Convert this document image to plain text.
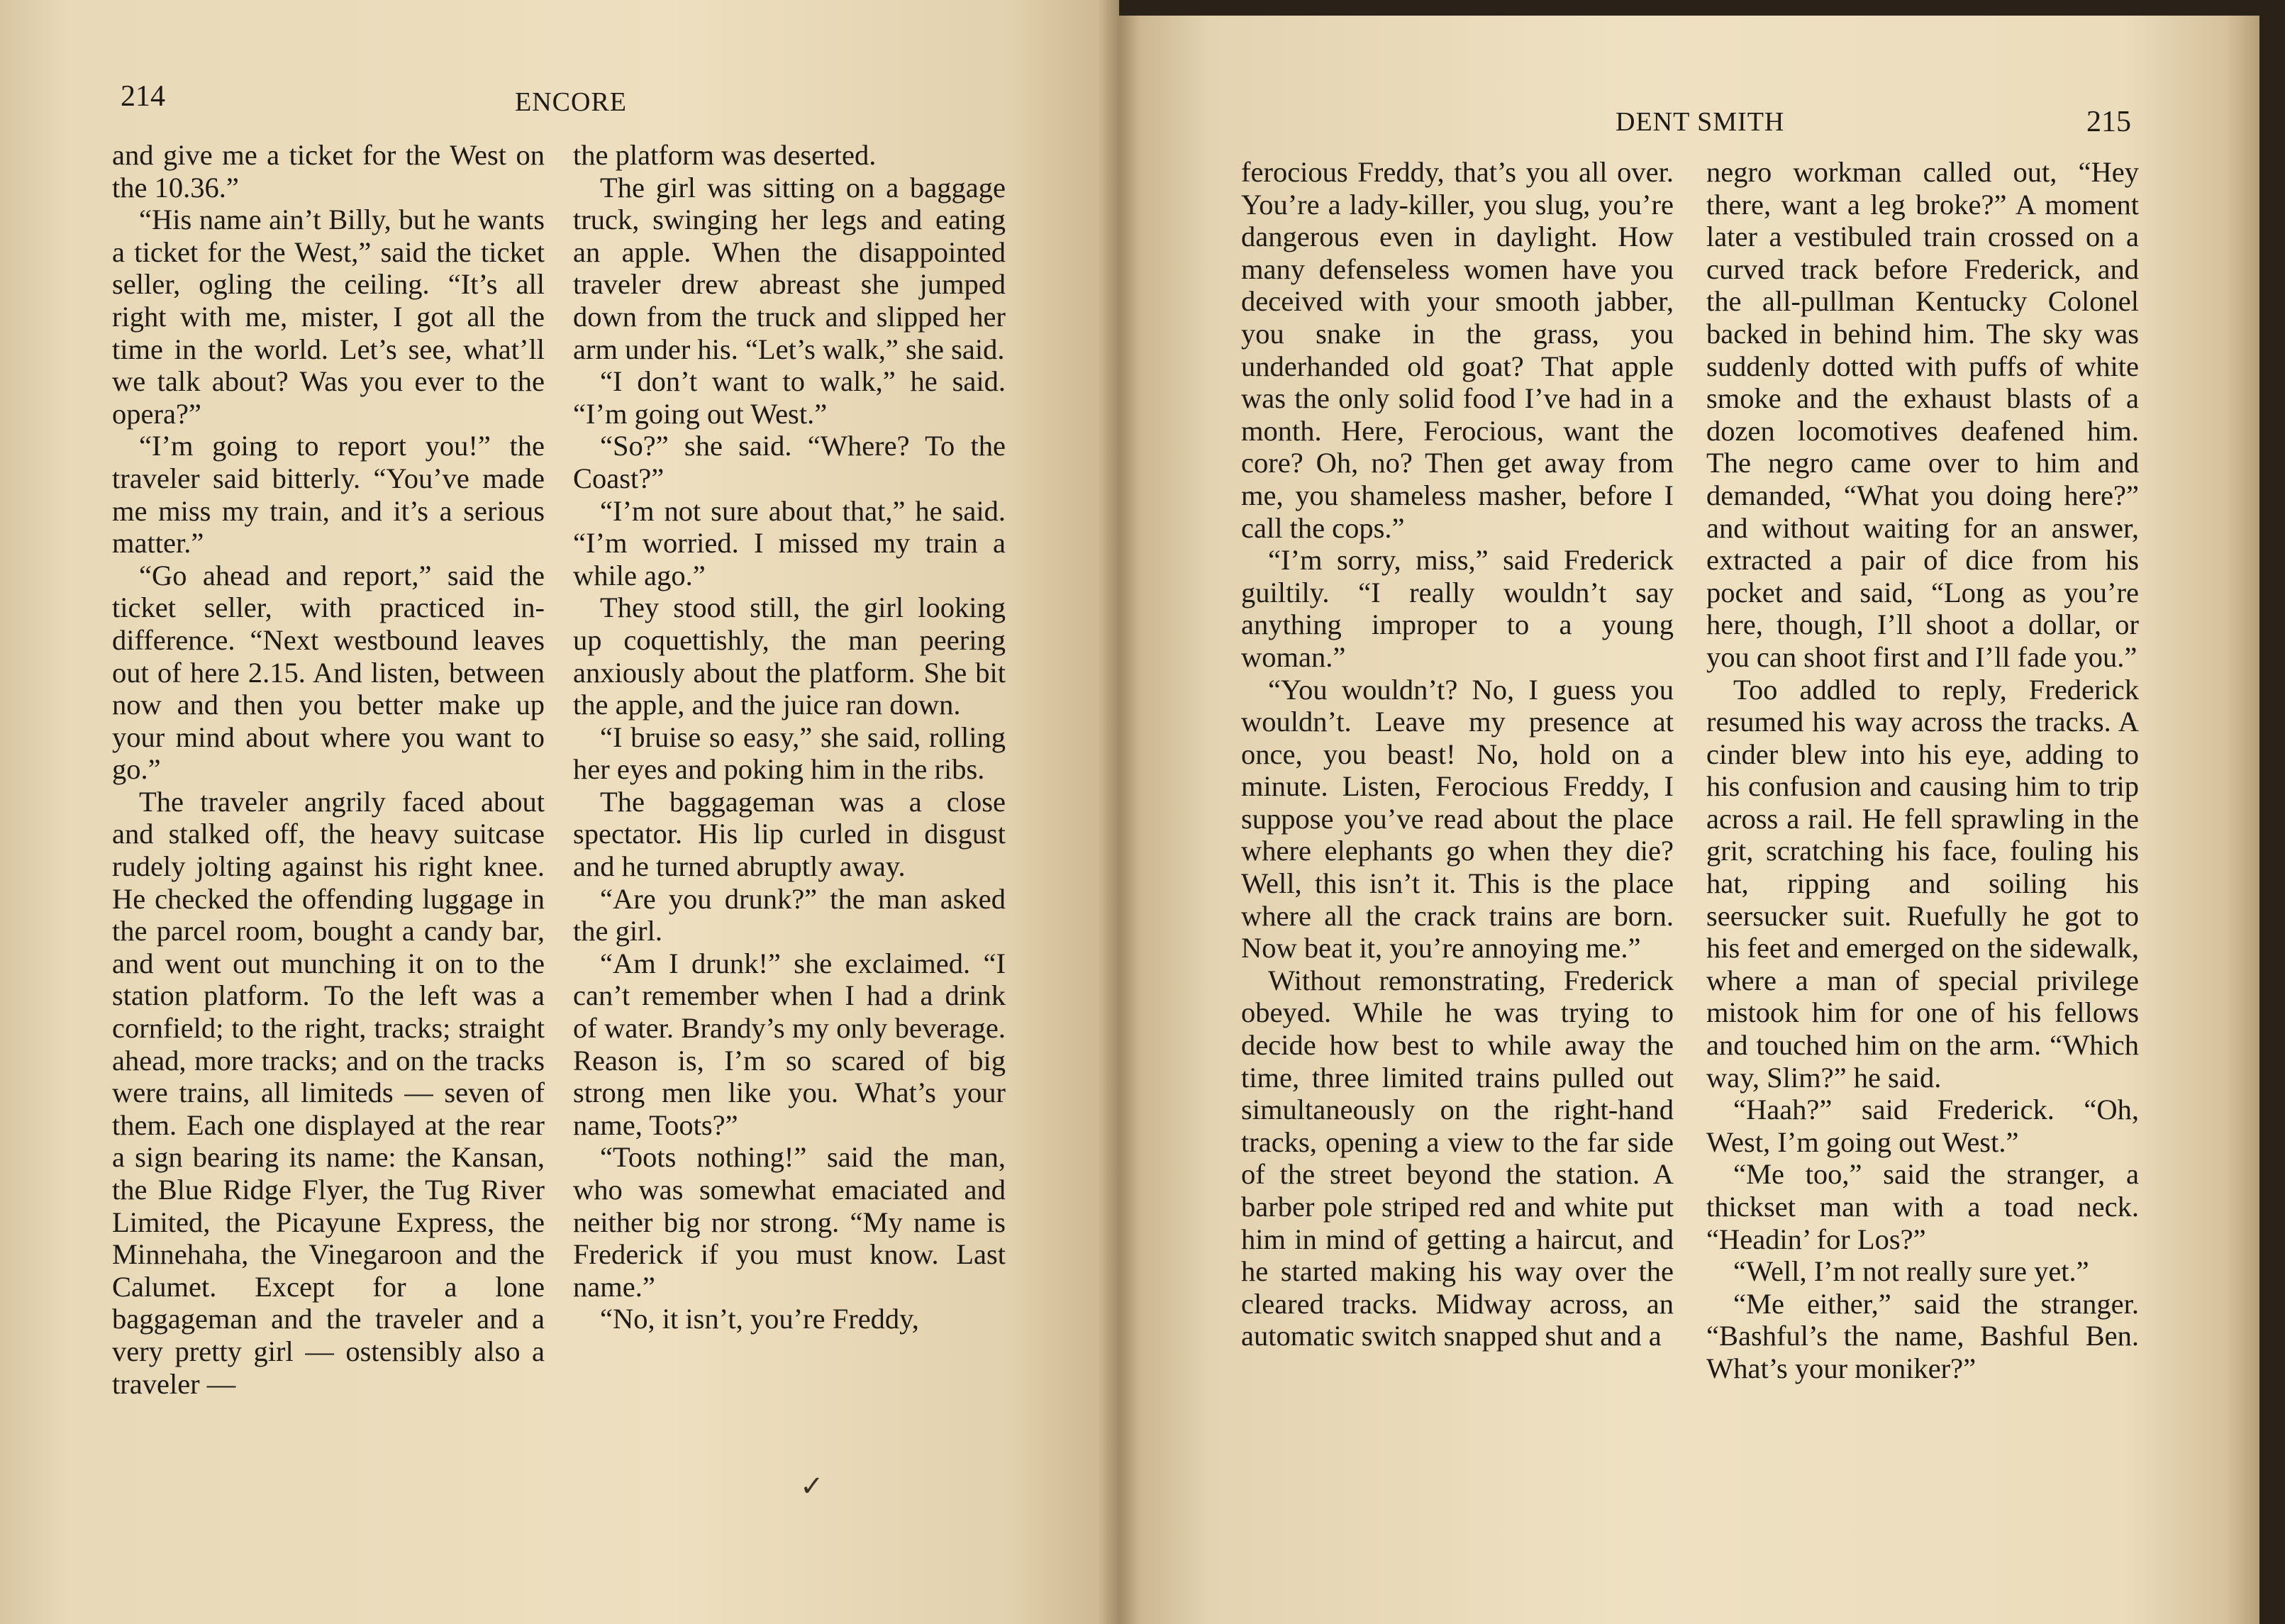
214	ENCORE

and give me a ticket for the West on the 10.36.”

“His name ain’t Billy, but he wants a ticket for the West,” said the ticket seller, ogling the ceiling. “It’s all right with me, mister, I got all the time in the world. Let’s see, what’ll we talk about? Was you ever to the opera?”

“I’m going to report you!” the traveler said bitterly. “You’ve made me miss my train, and it’s a serious matter.”

“Go ahead and report,” said the ticket seller, with practiced indifference. “Next westbound leaves out of here 2.15. And listen, between now and then you better make up your mind about where you want to go.”

The traveler angrily faced about and stalked off, the heavy suitcase rudely jolting against his right knee. He checked the offending luggage in the parcel room, bought a candy bar, and went out munching it on to the station platform. To the left was a cornfield; to the right, tracks; straight ahead, more tracks; and on the tracks were trains, all limiteds — seven of them. Each one displayed at the rear a sign bearing its name: the Kansan, the Blue Ridge Flyer, the Tug River Limited, the Picayune Express, the Minnehaha, the Vinegaroon and the Calumet. Except for a lone baggageman and the traveler and a very pretty girl — ostensibly also a traveler —

the platform was deserted.

The girl was sitting on a baggage truck, swinging her legs and eating an apple. When the disappointed traveler drew abreast she jumped down from the truck and slipped her arm under his. “Let’s walk,” she said.

“I don’t want to walk,” he said. “I’m going out West.”

“So?” she said. “Where? To the Coast?”

“I’m not sure about that,” he said. “I’m worried. I missed my train a while ago.”

They stood still, the girl looking up coquettishly, the man peering anxiously about the platform. She bit the apple, and the juice ran down.

“I bruise so easy,” she said, rolling her eyes and poking him in the ribs.

The baggageman was a close spectator. His lip curled in disgust and he turned abruptly away.

“Are you drunk?” the man asked the girl.

“Am I drunk!” she exclaimed. “I can’t remember when I had a drink of water. Brandy’s my only beverage. Reason is, I’m so scared of big strong men like you. What’s your name, Toots?”

“Toots nothing!” said the man, who was somewhat emaciated and neither big nor strong. “My name is Frederick if you must know. Last name.”

“No, it isn’t, you’re Freddy,

✓
DENT SMITH	215

ferocious Freddy, that’s you all over. You’re a lady-killer, you slug, you’re dangerous even in daylight. How many defenseless women have you deceived with your smooth jabber, you snake in the grass, you underhanded old goat? That apple was the only solid food I’ve had in a month. Here, Ferocious, want the core? Oh, no? Then get away from me, you shameless masher, before I call the cops.”

“I’m sorry, miss,” said Frederick guiltily. “I really wouldn’t say anything improper to a young woman.”

“You wouldn’t? No, I guess you wouldn’t. Leave my presence at once, you beast! No, hold on a minute. Listen, Ferocious Freddy, I suppose you’ve read about the place where elephants go when they die? Well, this isn’t it. This is the place where all the crack trains are born. Now beat it, you’re annoying me.”

Without remonstrating, Frederick obeyed. While he was trying to decide how best to while away the time, three limited trains pulled out simultaneously on the right-hand tracks, opening a view to the far side of the street beyond the station. A barber pole striped red and white put him in mind of getting a haircut, and he started making his way over the cleared tracks. Midway across, an automatic switch snapped shut and a

negro workman called out, “Hey there, want a leg broke?” A moment later a vestibuled train crossed on a curved track before Frederick, and the all-pullman Kentucky Colonel backed in behind him. The sky was suddenly dotted with puffs of white smoke and the exhaust blasts of a dozen locomotives deafened him. The negro came over to him and demanded, “What you doing here?” and without waiting for an answer, extracted a pair of dice from his pocket and said, “Long as you’re here, though, I’ll shoot a dollar, or you can shoot first and I’ll fade you.”

Too addled to reply, Frederick resumed his way across the tracks. A cinder blew into his eye, adding to his confusion and causing him to trip across a rail. He fell sprawling in the grit, scratching his face, fouling his hat, ripping and soiling his seersucker suit. Ruefully he got to his feet and emerged on the sidewalk, where a man of special privilege mistook him for one of his fellows and touched him on the arm. “Which way, Slim?” he said.

“Haah?” said Frederick. “Oh, West, I’m going out West.”

“Me too,” said the stranger, a thickset man with a toad neck. “Headin’ for Los?”

“Well, I’m not really sure yet.”

“Me either,” said the stranger. “Bashful’s the name, Bashful Ben. What’s your moniker?”
